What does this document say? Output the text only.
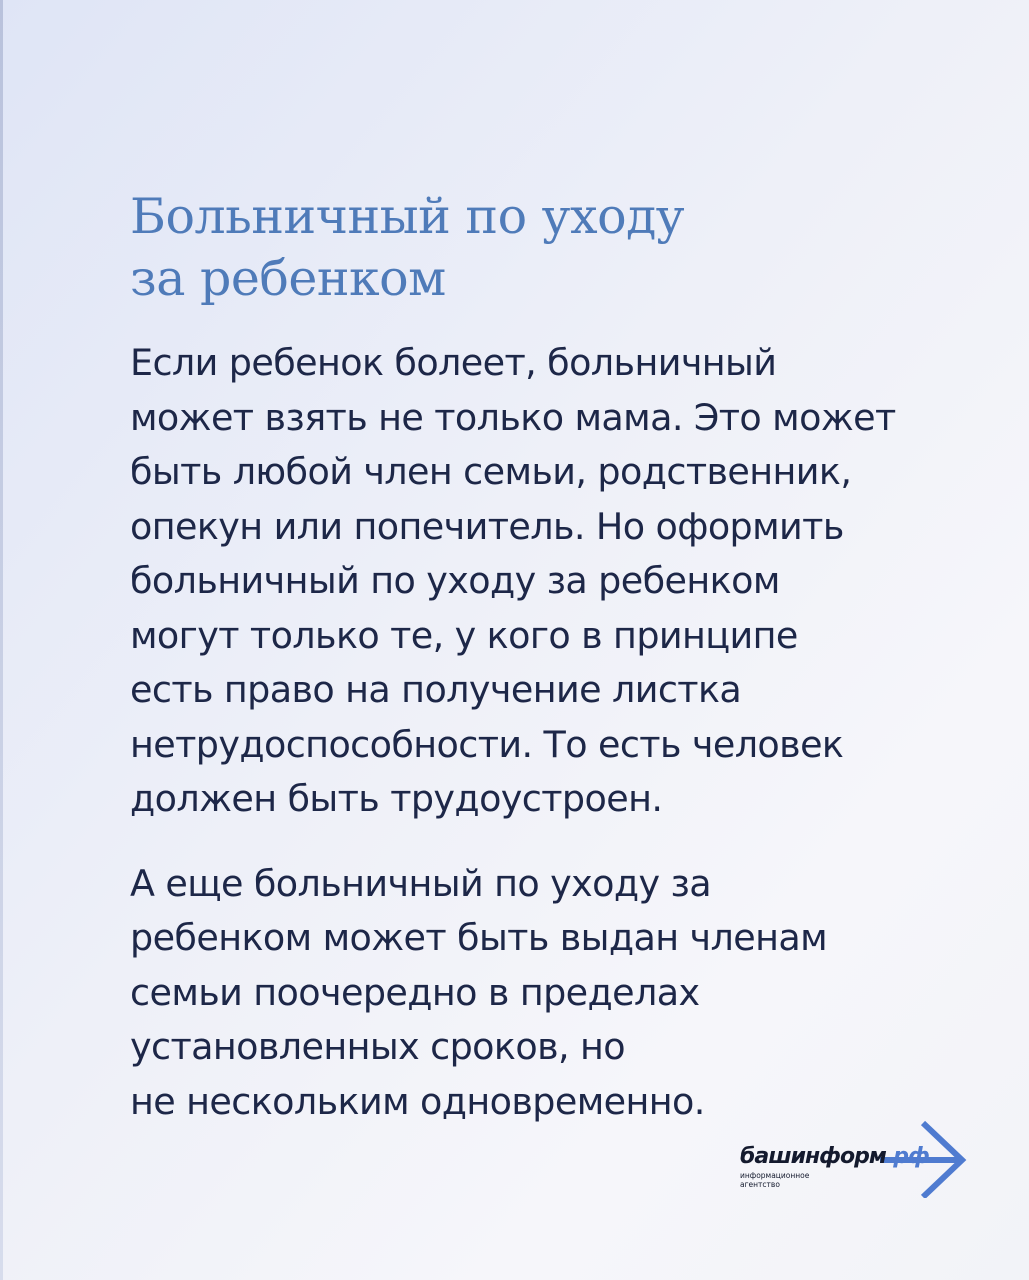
Больничный по уходу
за ребенком

Если ребенок болеет, больничный
может взять не только мама. Это может
быть любой член семьи, родственник,
опекун или попечитель. Но оформить
больничный по уходу за ребенком
могут только те, у кого в принципе
есть право на получение листка
нетрудоспособности. То есть человек
должен быть трудоустроен.

А еще больничный по уходу за
ребенком может быть выдан членам
семьи поочередно в пределах
установленных сроков, но
не нескольким одновременно.

башинформ.рф
информационное
агентство
